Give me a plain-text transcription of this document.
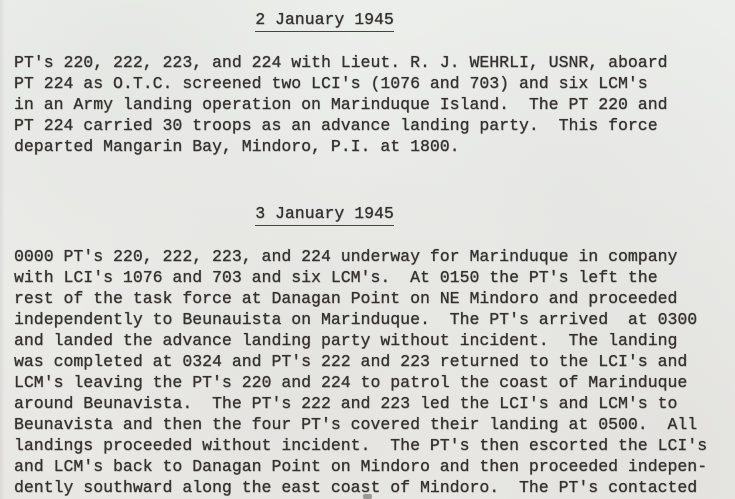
2 January 1945
PT's 220, 222, 223, and 224 with Lieut. R. J. WEHRLI, USNR, aboard
PT 224 as O.T.C. screened two LCI's (1076 and 703) and six LCM's
in an Army landing operation on Marinduque Island.  The PT 220 and
PT 224 carried 30 troops as an advance landing party.  This force
departed Mangarin Bay, Mindoro, P.I. at 1800.
3 January 1945
0000 PT's 220, 222, 223, and 224 underway for Marinduque in company
with LCI's 1076 and 703 and six LCM's.  At 0150 the PT's left the
rest of the task force at Danagan Point on NE Mindoro and proceeded
independently to Beunauista on Marinduque.  The PT's arrived  at 0300
and landed the advance landing party without incident.  The landing
was completed at 0324 and PT's 222 and 223 returned to the LCI's and
LCM's leaving the PT's 220 and 224 to patrol the coast of Marinduque
around Beunavista.  The PT's 222 and 223 led the LCI's and LCM's to
Beunavista and then the four PT's covered their landing at 0500.  All
landings proceeded without incident.  The PT's then escorted the LCI's
and LCM's back to Danagan Point on Mindoro and then proceeded indepen-
dently southward along the east coast of Mindoro.  The PT's contacted
